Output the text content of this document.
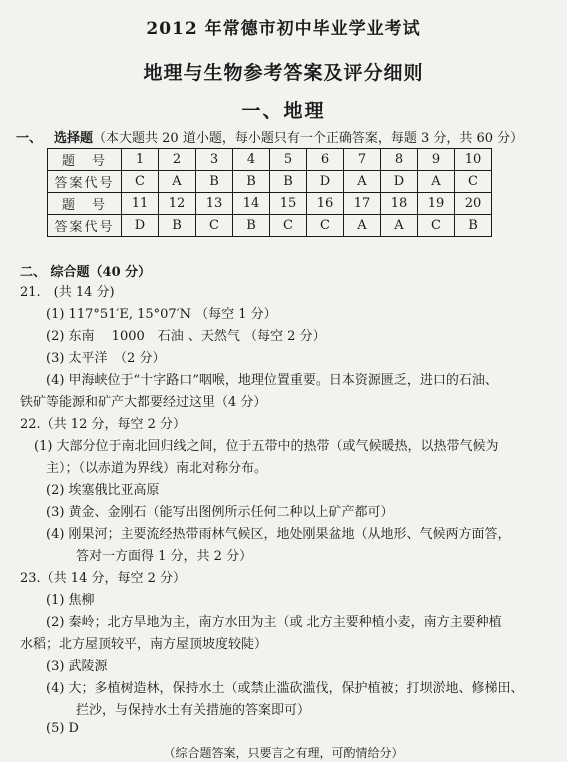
2012 年常德市初中毕业学业考试
地理与生物参考答案及评分细则
一、地理
一、 选择题（本大题共 20 道小题，每小题只有一个正确答案，每题 3 分，共 60 分）
题　号	1	2	3	4	5	6	7	8	9	10
答案代号	C	A	B	B	B	D	A	D	A	C
题　号	11	12	13	14	15	16	17	18	19	20
答案代号	D	B	C	B	C	C	A	A	C	B
二、 综合题（40 分）
21.　(共 14 分)
(1) 117°51′E, 15°07′N （每空 1 分）
(2) 东南　 1000　石油 、天然气 （每空 2 分）
(3) 太平洋　（2 分）
(4) 甲海峡位于“十字路口”咽喉，地理位置重要。日本资源匮乏，进口的石油、
铁矿等能源和矿产大都要经过这里（4 分）
22.（共 12 分，每空 2 分）
(1) 大部分位于南北回归线之间，位于五带中的热带（或气候暖热，以热带气候为
主）；（以赤道为界线）南北对称分布。
(2) 埃塞俄比亚高原
(3) 黄金、金刚石（能写出图例所示任何二种以上矿产都可）
(4) 刚果河；主要流经热带雨林气候区，地处刚果盆地（从地形、气候两方面答，
答对一方面得 1 分，共 2 分）
23.（共 14 分，每空 2 分）
(1) 焦柳
(2) 秦岭；北方旱地为主，南方水田为主（或 北方主要种植小麦，南方主要种植
水稻；北方屋顶较平，南方屋顶坡度较陡）
(3) 武陵源
(4) 大；多植树造林，保持水土（或禁止滥砍滥伐，保护植被；打坝淤地、修梯田、
拦沙，与保持水土有关措施的答案即可）
(5) D
（综合题答案，只要言之有理，可酌情给分）
